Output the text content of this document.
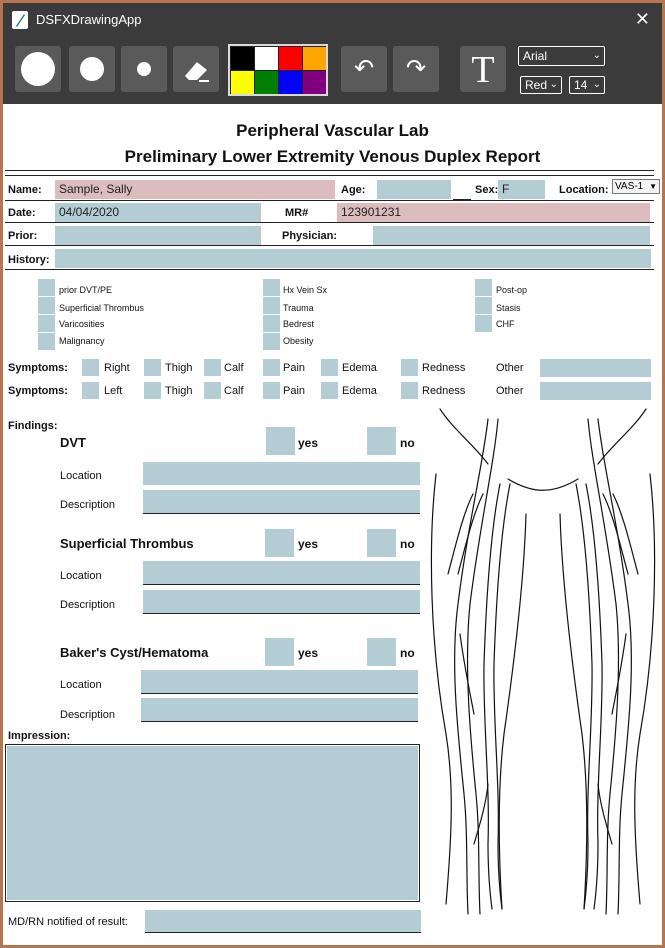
DSFXDrawingApp	✕
↶	↷	T	Arial	⌄
Red ⌄	14 ⌄
Peripheral Vascular Lab
Preliminary Lower Extremity Venous Duplex Report
Name:	Sample, Sally	Age:	Sex: F	Location: VAS-1 ▼
Date:	04/04/2020	MR#	123901231
Prior:	Physician:
History:
prior DVT/PE
Superficial Thrombus
Varicosities
Malignancy
Hx Vein Sx
Trauma
Bedrest
Obesity
Post-op
Stasis
CHF
Symptoms:	Right	Thigh	Calf	Pain	Edema	Redness	Other
Symptoms:	Left	Thigh	Calf	Pain	Edema	Redness	Other
Findings:
DVT	yes	no
Location
Description
Superficial Thrombus	yes	no
Location
Description
Baker's Cyst/Hematoma	yes	no
Location
Description
Impression:
MD/RN notified of result:
